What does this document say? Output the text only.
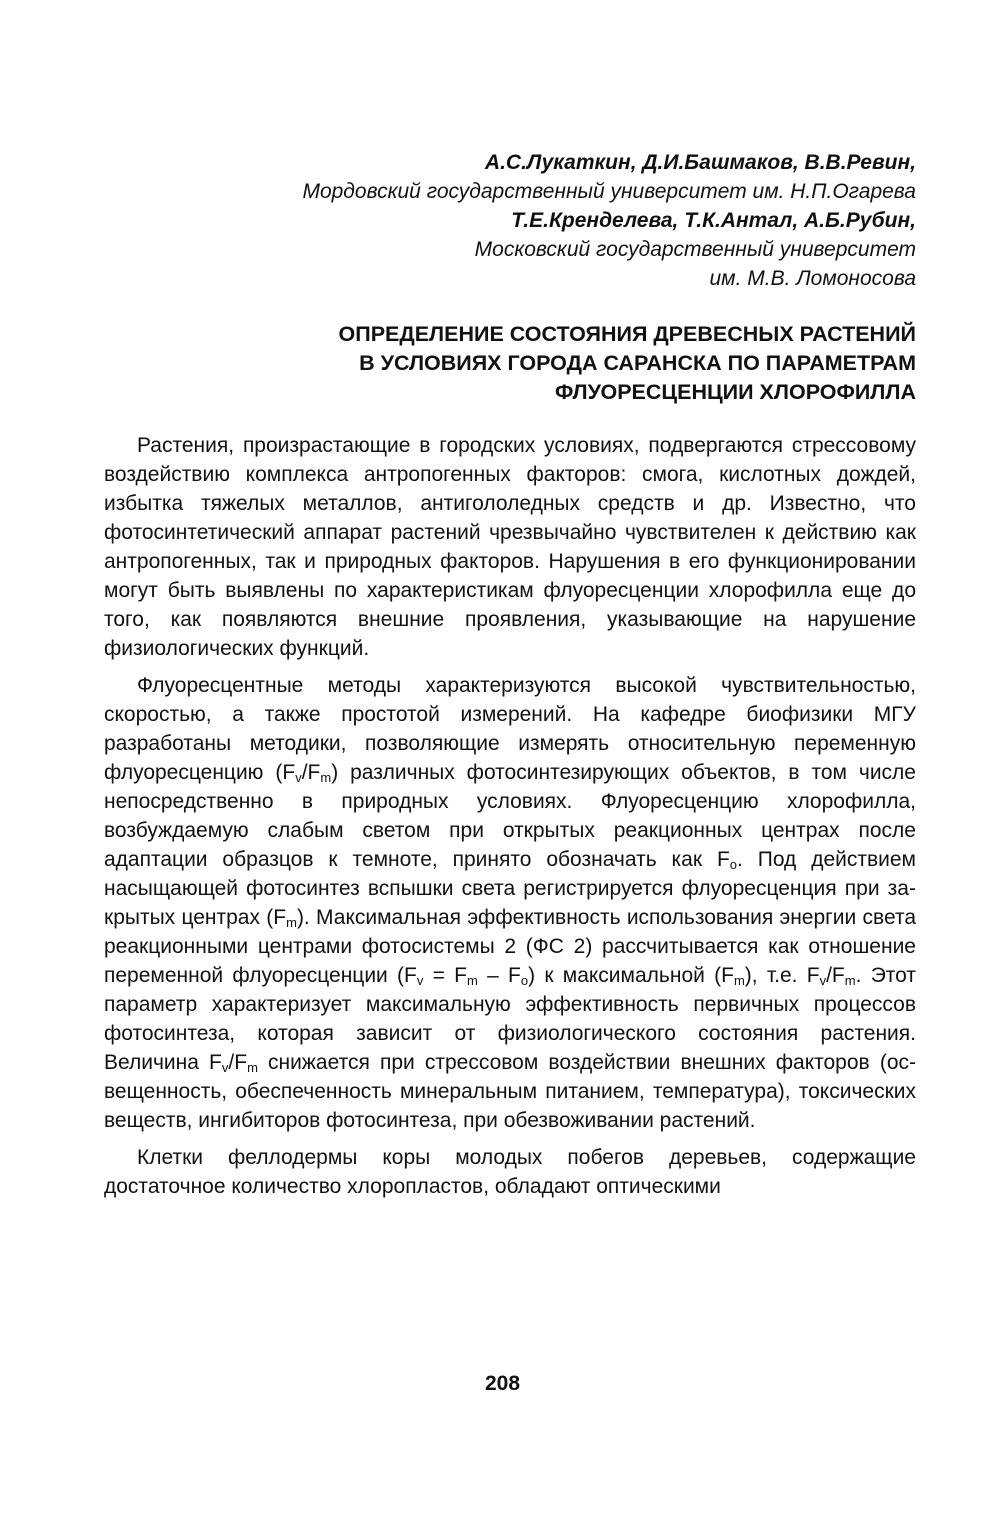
А.С.Лукаткин, Д.И.Башмаков, В.В.Ревин,
Мордовский государственный университет им. Н.П.Огарева
Т.Е.Кренделева, Т.К.Антал, А.Б.Рубин,
Московский государственный университет
им. М.В. Ломоносова
ОПРЕДЕЛЕНИЕ СОСТОЯНИЯ ДРЕВЕСНЫХ РАСТЕНИЙ
В УСЛОВИЯХ ГОРОДА САРАНСКА ПО ПАРАМЕТРАМ
ФЛУОРЕСЦЕНЦИИ ХЛОРОФИЛЛА

Растения, произрастающие в городских условиях, подвергаются стрессовому воздействию комплекса антропогенных факторов: смога, кислотных дождей, избытка тяжелых металлов, антигололедных средств и др. Известно, что фотосинтетический аппарат растений чрезвычайно чувствителен к действию как антропогенных, так и природных факторов. Нарушения в его функционировании могут быть выявлены по характеристикам флуоресценции хлорофилла еще до того, как появляются внешние проявления, указывающие на нарушение физиологических функций.

Флуоресцентные методы характеризуются высокой чувствительностью, скоростью, а также простотой измерений. На кафедре биофизики МГУ разработаны методики, позволяющие измерять относительную переменную флуоресценцию $(F_v/F_m)$ различных фотосинтезирующих объектов, в том числе непосредственно в природных условиях. Флуоресценцию хлорофилла, возбуждаемую слабым светом при открытых реакционных центрах после адаптации образцов к темноте, принято обозначать как $F_o$. Под действием насыщающей фотосинтез вспышки света регистрируется флуоресценция при закрытых центрах $(F_m)$. Максимальная эффективность использования энергии света реакционными центрами фотосистемы 2 (ФС 2) рассчитывается как отношение переменной флуоресценции $(F_v = F_m - F_o)$ к максимальной $(F_m)$, т.е. $F_v/F_m$. Этот параметр характеризует максимальную эффективность первичных процессов фотосинтеза, которая зависит от физиологического состояния растения. Величина $F_v/F_m$ снижается при стрессовом воздействии внешних факторов (освещенность, обеспеченность минеральным питанием, температура), токсических веществ, ингибиторов фотосинтеза, при обезвоживании растений.

Клетки феллодермы коры молодых побегов деревьев, содержащие достаточное количество хлоропластов, обладают оптическими

208
